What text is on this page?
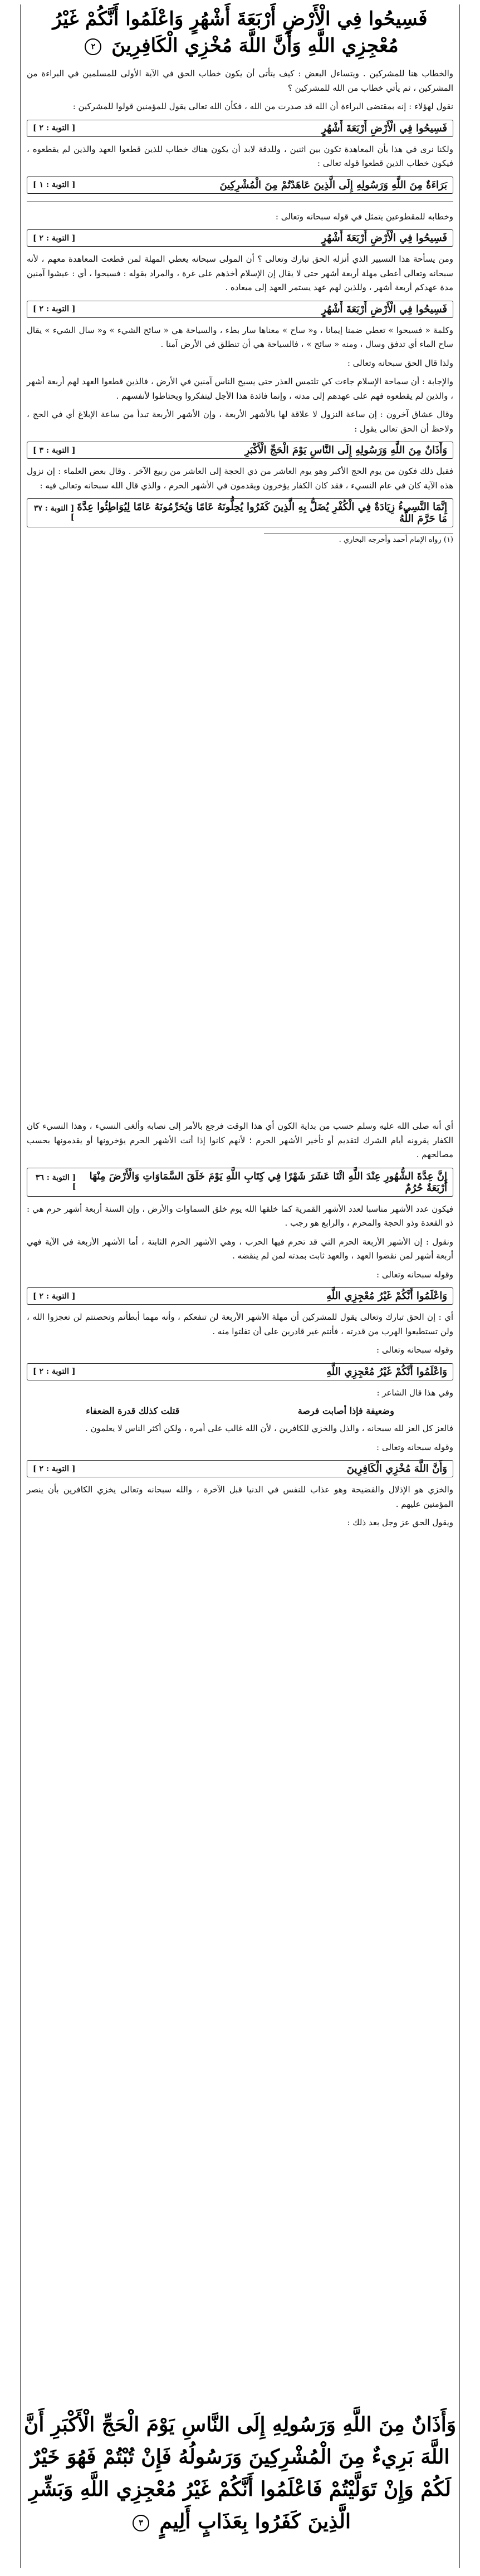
فَسِيحُوا فِي الْأَرْضِ أَرْبَعَةَ أَشْهُرٍ وَاعْلَمُوا أَنَّكُمْ غَيْرُ مُعْجِزِي اللَّهِ وَأَنَّ اللَّهَ مُخْزِي الْكَافِرِينَ ٢

والخطاب هنا للمشركين . ويتساءل البعض : كيف يتأتى أن يكون خطاب الحق في الآية الأولى للمسلمين في البراءة من المشركين ، ثم يأتي خطاب من الله للمشركين ؟

نقول لهؤلاء : إنه بمقتضى البراءة أن الله قد صدرت من الله ، فكأن الله تعالى يقول للمؤمنين قولوا للمشركين :

فَسِيحُوا فِي الْأَرْضِ أَرْبَعَةَ أَشْهُرٍ
[ التوبة : ٢ ]

ولكنا نرى في هذا بأن المعاهدة تكون بين اثنين ، وللدقة لابد أن يكون هناك خطاب للذين قطعوا العهد والذين لم يقطعوه ، فيكون خطاب الذين قطعوا قوله تعالى :

بَرَاءَةٌ مِنَ اللَّهِ وَرَسُولِهِ إِلَى الَّذِينَ عَاهَدْتُمْ مِنَ الْمُشْرِكِينَ
[ التوبة : ١ ]

وخطابه للمقطوعين يتمثل في قوله سبحانه وتعالى :

فَسِيحُوا فِي الْأَرْضِ أَرْبَعَةَ أَشْهُرٍ
[ التوبة : ٢ ]

ومن يسأحة هذا التسيير الذي أنزله الحق تبارك وتعالى ؟ أن المولى سبحانه يعطي المهلة لمن قطعت المعاهدة معهم ، لأنه سبحانه وتعالى أعطى مهلة أربعة أشهر حتى لا يقال إن الإسلام أخذهم على غرة ، والمراد بقوله : فسيحوا ، أي : عيشوا آمنين مدة عهدكم أربعة أشهر ، وللذين لهم عهد يستمر العهد إلى ميعاده .

فَسِيحُوا فِي الْأَرْضِ أَرْبَعَةَ أَشْهُرٍ
[ التوبة : ٢ ]

وكلمة « فسيحوا » تعطي ضمنا إيمانا ، و« ساح » معناها سار بطء ، والسياحة هي « سائح الشيء » و« سال الشيء » يقال ساح الماء أي تدفق وسال ، ومنه « سائح » ، فالسياحة هي أن تنطلق في الأرض آمنا .

ولذا قال الحق سبحانه وتعالى :

والإجابة : أن سماحة الإسلام جاءت كي تلتمس العذر حتى يسيح الناس آمنين في الأرض ، فالذين قطعوا العهد لهم أربعة أشهر ، والذين لم يقطعوه فهم على عهدهم إلى مدته ، وإنما فائدة هذا الأجل ليتفكروا ويحتاطوا لأنفسهم .

وقال عشاق آخرون : إن ساعة النزول لا علاقة لها بالأشهر الأربعة ، وإن الأشهر الأربعة تبدأ من ساعة الإبلاغ أي في الحج ، ولاحظ أن الحق تعالى يقول :

وَأَذَانٌ مِنَ اللَّهِ وَرَسُولِهِ إِلَى النَّاسِ يَوْمَ الْحَجِّ الْأَكْبَرِ
[ التوبة : ٣ ]

فقبل ذلك فكون من يوم الحج الأكبر وهو يوم العاشر من ذي الحجة إلى العاشر من ربيع الآخر . وقال بعض العلماء : إن نزول هذه الآية كان في عام النسيء ، فقد كان الكفار يؤخرون ويقدمون في الأشهر الحرم ، والذي قال الله سبحانه وتعالى فيه :

إِنَّمَا النَّسِيءُ زِيَادَةٌ فِي الْكُفْرِ يُضَلُّ بِهِ الَّذِينَ كَفَرُوا يُحِلُّونَهُ عَامًا وَيُحَرِّمُونَهُ عَامًا لِيُوَاطِئُوا عِدَّةَ مَا حَرَّمَ اللَّهُ
[ التوبة : ٣٧ ]
(١) رواه الإمام أحمد وأخرجه البخاري .

أي أنه صلى الله عليه وسلم حسب من بداية الكون أي هذا الوقت فرجع بالأمر إلى نصابه وألغى النسيء ، وهذا النسيء كان الكفار يقرونه أيام الشرك لتقديم أو تأخير الأشهر الحرم ؛ لأنهم كانوا إذا أتت الأشهر الحرم يؤخرونها أو يقدمونها بحسب مصالحهم .

إِنَّ عِدَّةَ الشُّهُورِ عِنْدَ اللَّهِ اثْنَا عَشَرَ شَهْرًا فِي كِتَابِ اللَّهِ يَوْمَ خَلَقَ السَّمَاوَاتِ وَالْأَرْضَ مِنْهَا أَرْبَعَةٌ حُرُمٌ
[ التوبة : ٣٦ ]

فيكون عدد الأشهر مناسبا لعدد الأشهر القمرية كما خلقها الله يوم خلق السماوات والأرض ، وإن السنة أربعة أشهر حرم هي : ذو القعدة وذو الحجة والمحرم ، والرابع هو رجب .

ونقول : إن الأشهر الأربعة الحرم التي قد تحرم فيها الحرب ، وهي الأشهر الحرم الثابتة ، أما الأشهر الأربعة في الآية فهي أربعة أشهر لمن نقضوا العهد ، والعهد ثابت بمدته لمن لم ينقضه .

وقوله سبحانه وتعالى :

وَاعْلَمُوا أَنَّكُمْ غَيْرُ مُعْجِزِي اللَّهِ
[ التوبة : ٢ ]

أي : إن الحق تبارك وتعالى يقول للمشركين أن مهلة الأشهر الأربعة لن تنفعكم ، وأنه مهما أبطأتم وتحصنتم لن تعجزوا الله ، ولن تستطيعوا الهرب من قدرته ، فأنتم غير قادرين على أن تفلتوا منه .

وقوله سبحانه وتعالى :

وَاعْلَمُوا أَنَّكُمْ غَيْرُ مُعْجِزِي اللَّهِ
[ التوبة : ٢ ]

وفي هذا قال الشاعر :

وضعيفة فإذا أصابت فرصة
قتلت كذلك قدرة الضعفاء

فالعز كل العز لله سبحانه ، والذل والخزي للكافرين ، لأن الله غالب على أمره ، ولكن أكثر الناس لا يعلمون .

وقوله سبحانه وتعالى :

وَأَنَّ اللَّهَ مُخْزِي الْكَافِرِينَ
[ التوبة : ٢ ]

والخزي هو الإذلال والفضيحة وهو عذاب للنفس في الدنيا قبل الآخرة ، والله سبحانه وتعالى يخزي الكافرين بأن ينصر المؤمنين عليهم .

ويقول الحق عز وجل بعد ذلك :

وَأَذَانٌ مِنَ اللَّهِ وَرَسُولِهِ إِلَى النَّاسِ يَوْمَ الْحَجِّ الْأَكْبَرِ أَنَّ اللَّهَ بَرِيءٌ مِنَ الْمُشْرِكِينَ وَرَسُولُهُ فَإِنْ تُبْتُمْ فَهُوَ خَيْرٌ لَكُمْ وَإِنْ تَوَلَّيْتُمْ فَاعْلَمُوا أَنَّكُمْ غَيْرُ مُعْجِزِي اللَّهِ وَبَشِّرِ الَّذِينَ كَفَرُوا بِعَذَابٍ أَلِيمٍ ٣
